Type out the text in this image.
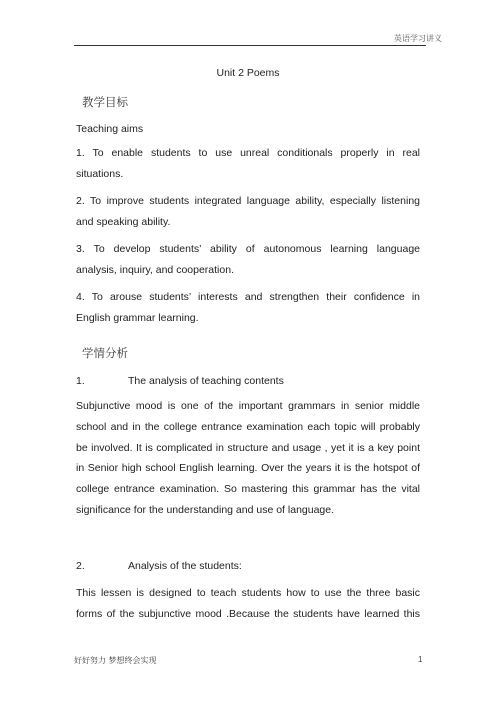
英语学习讲义
Unit 2 Poems
教学目标
Teaching aims
1. To enable students to use unreal conditionals properly in real
situations.
2. To improve students integrated language ability, especially listening
and speaking ability.
3. To develop students’ ability of autonomous learning language
analysis, inquiry, and cooperation.
4. To arouse students’ interests and strengthen their confidence in
English grammar learning.
学情分析
1.	The analysis of teaching contents
Subjunctive mood is one of the important grammars in senior middle
school and in the college entrance examination each topic will probably
be involved. It is complicated in structure and usage , yet it is a key point
in Senior high school English learning. Over the years it is the hotspot of
college entrance examination. So mastering this grammar has the vital
significance for the understanding and use of language.
2.	Analysis of the students:
This lessen is designed to teach students how to use the three basic
forms of the subjunctive mood .Because the students have learned this
好好努力 梦想终会实现	1
